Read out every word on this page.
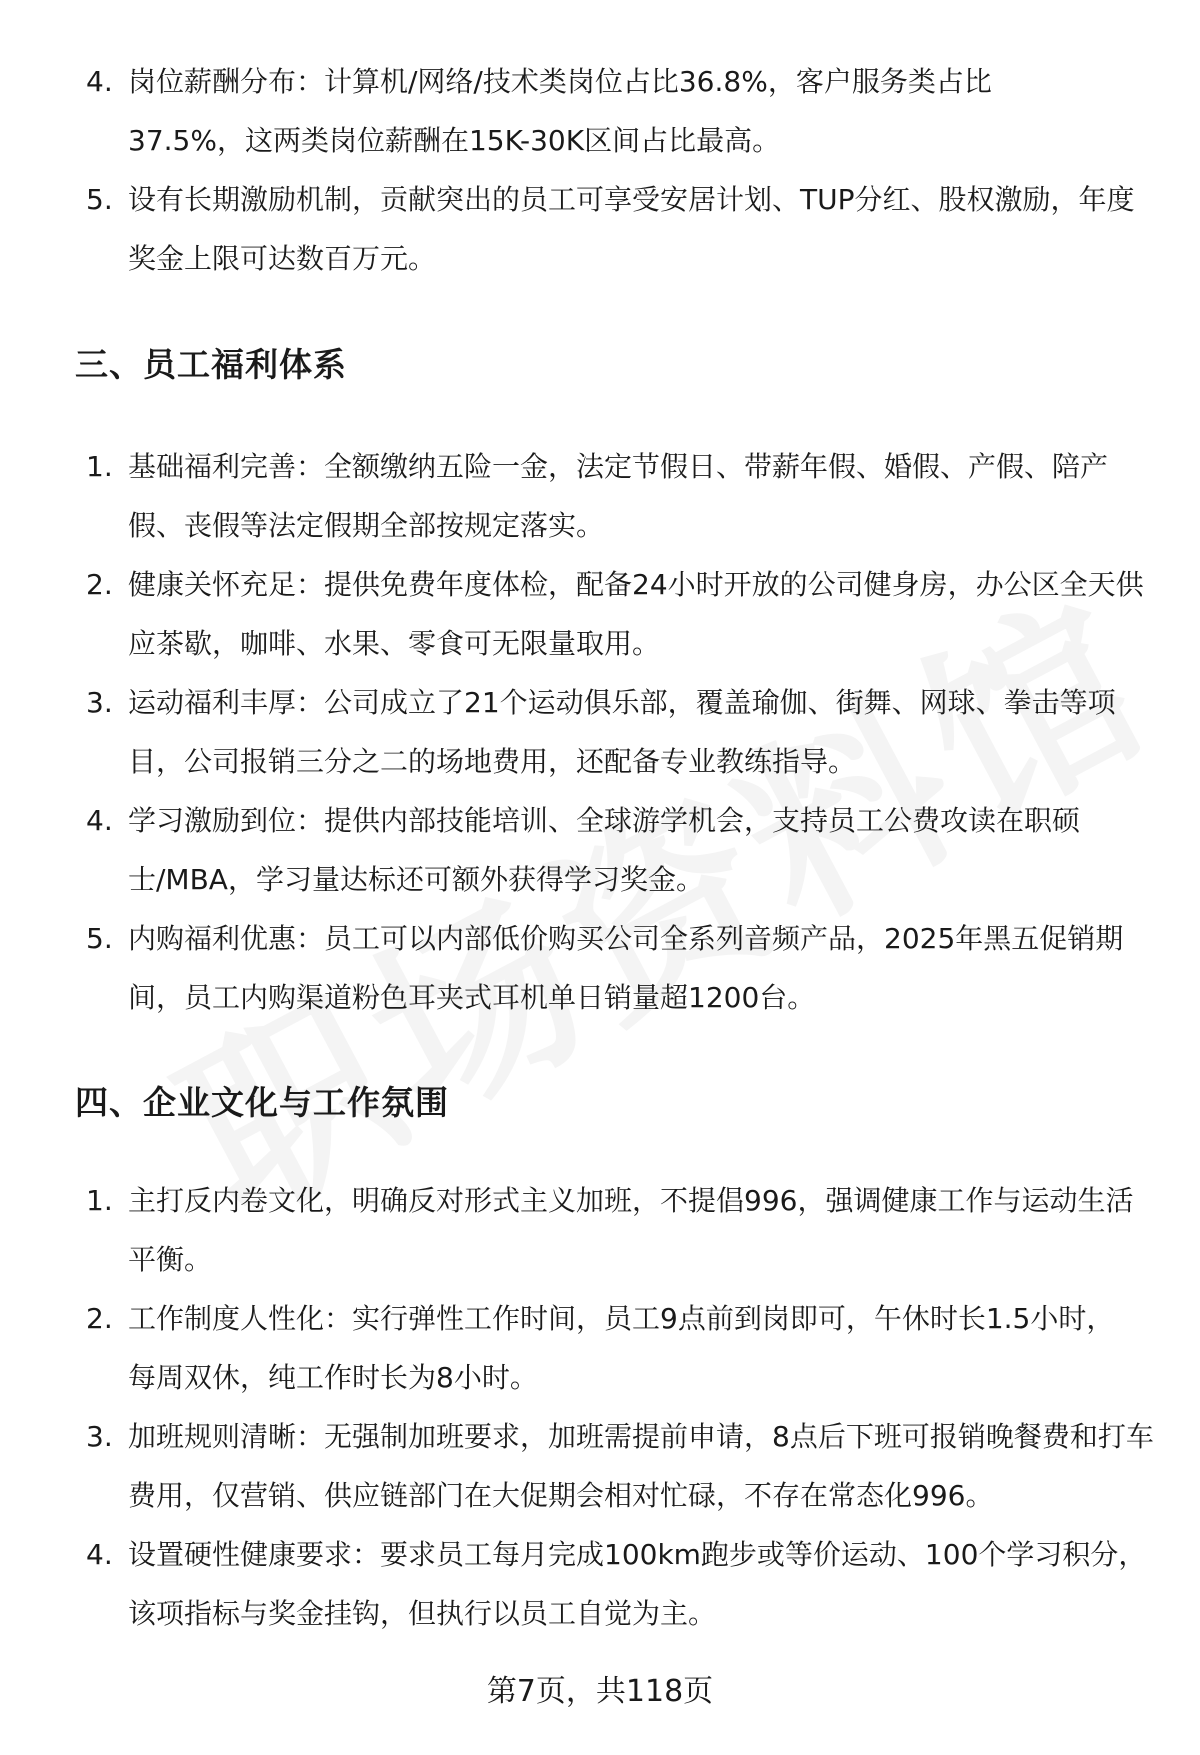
4. 岗位薪酬分布：计算机/网络/技术类岗位占比36.8%，客户服务类占比37.5%，这两类岗位薪酬在15K-30K区间占比最高。
5. 设有长期激励机制，贡献突出的员工可享受安居计划、TUP分红、股权激励，年度奖金上限可达数百万元。
三、员工福利体系
1. 基础福利完善：全额缴纳五险一金，法定节假日、带薪年假、婚假、产假、陪产假、丧假等法定假期全部按规定落实。
2. 健康关怀充足：提供免费年度体检，配备24小时开放的公司健身房，办公区全天供应茶歇，咖啡、水果、零食可无限量取用。
3. 运动福利丰厚：公司成立了21个运动俱乐部，覆盖瑜伽、街舞、网球、拳击等项目，公司报销三分之二的场地费用，还配备专业教练指导。
4. 学习激励到位：提供内部技能培训、全球游学机会，支持员工公费攻读在职硕士/MBA，学习量达标还可额外获得学习奖金。
5. 内购福利优惠：员工可以内部低价购买公司全系列音频产品，2025年黑五促销期间，员工内购渠道粉色耳夹式耳机单日销量超1200台。
四、企业文化与工作氛围
1. 主打反内卷文化，明确反对形式主义加班，不提倡996，强调健康工作与运动生活平衡。
2. 工作制度人性化：实行弹性工作时间，员工9点前到岗即可，午休时长1.5小时，每周双休，纯工作时长为8小时。
3. 加班规则清晰：无强制加班要求，加班需提前申请，8点后下班可报销晚餐费和打车费用，仅营销、供应链部门在大促期会相对忙碌，不存在常态化996。
4. 设置硬性健康要求：要求员工每月完成100km跑步或等价运动、100个学习积分，该项指标与奖金挂钩，但执行以员工自觉为主。
第7页，共118页
